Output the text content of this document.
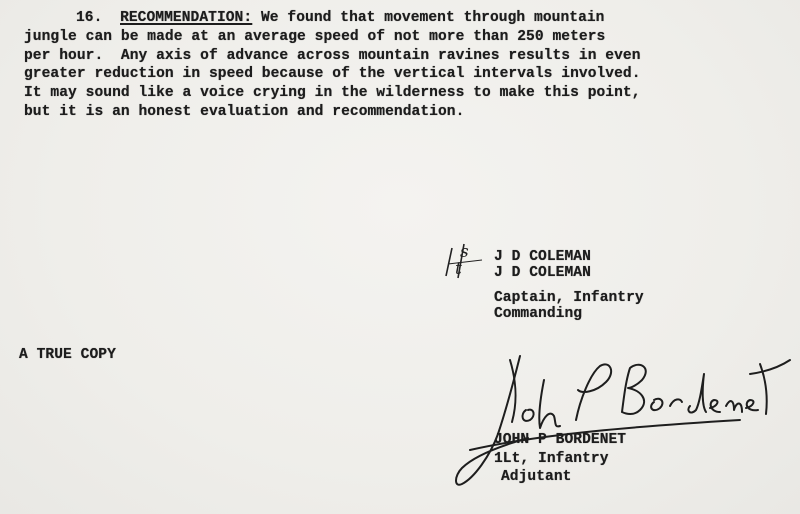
16. RECOMMENDATION: We found that movement through mountain
jungle can be made at an average speed of not more than 250 meters
per hour.  Any axis of advance across mountain ravines results in even
greater reduction in speed because of the vertical intervals involved.
It may sound like a voice crying in the wilderness to make this point,
but it is an honest evaluation and recommendation.
s
t
J D COLEMAN
J D COLEMAN
Captain, Infantry
Commanding
A TRUE COPY
JOHN P BORDENET
1Lt, Infantry
Adjutant
